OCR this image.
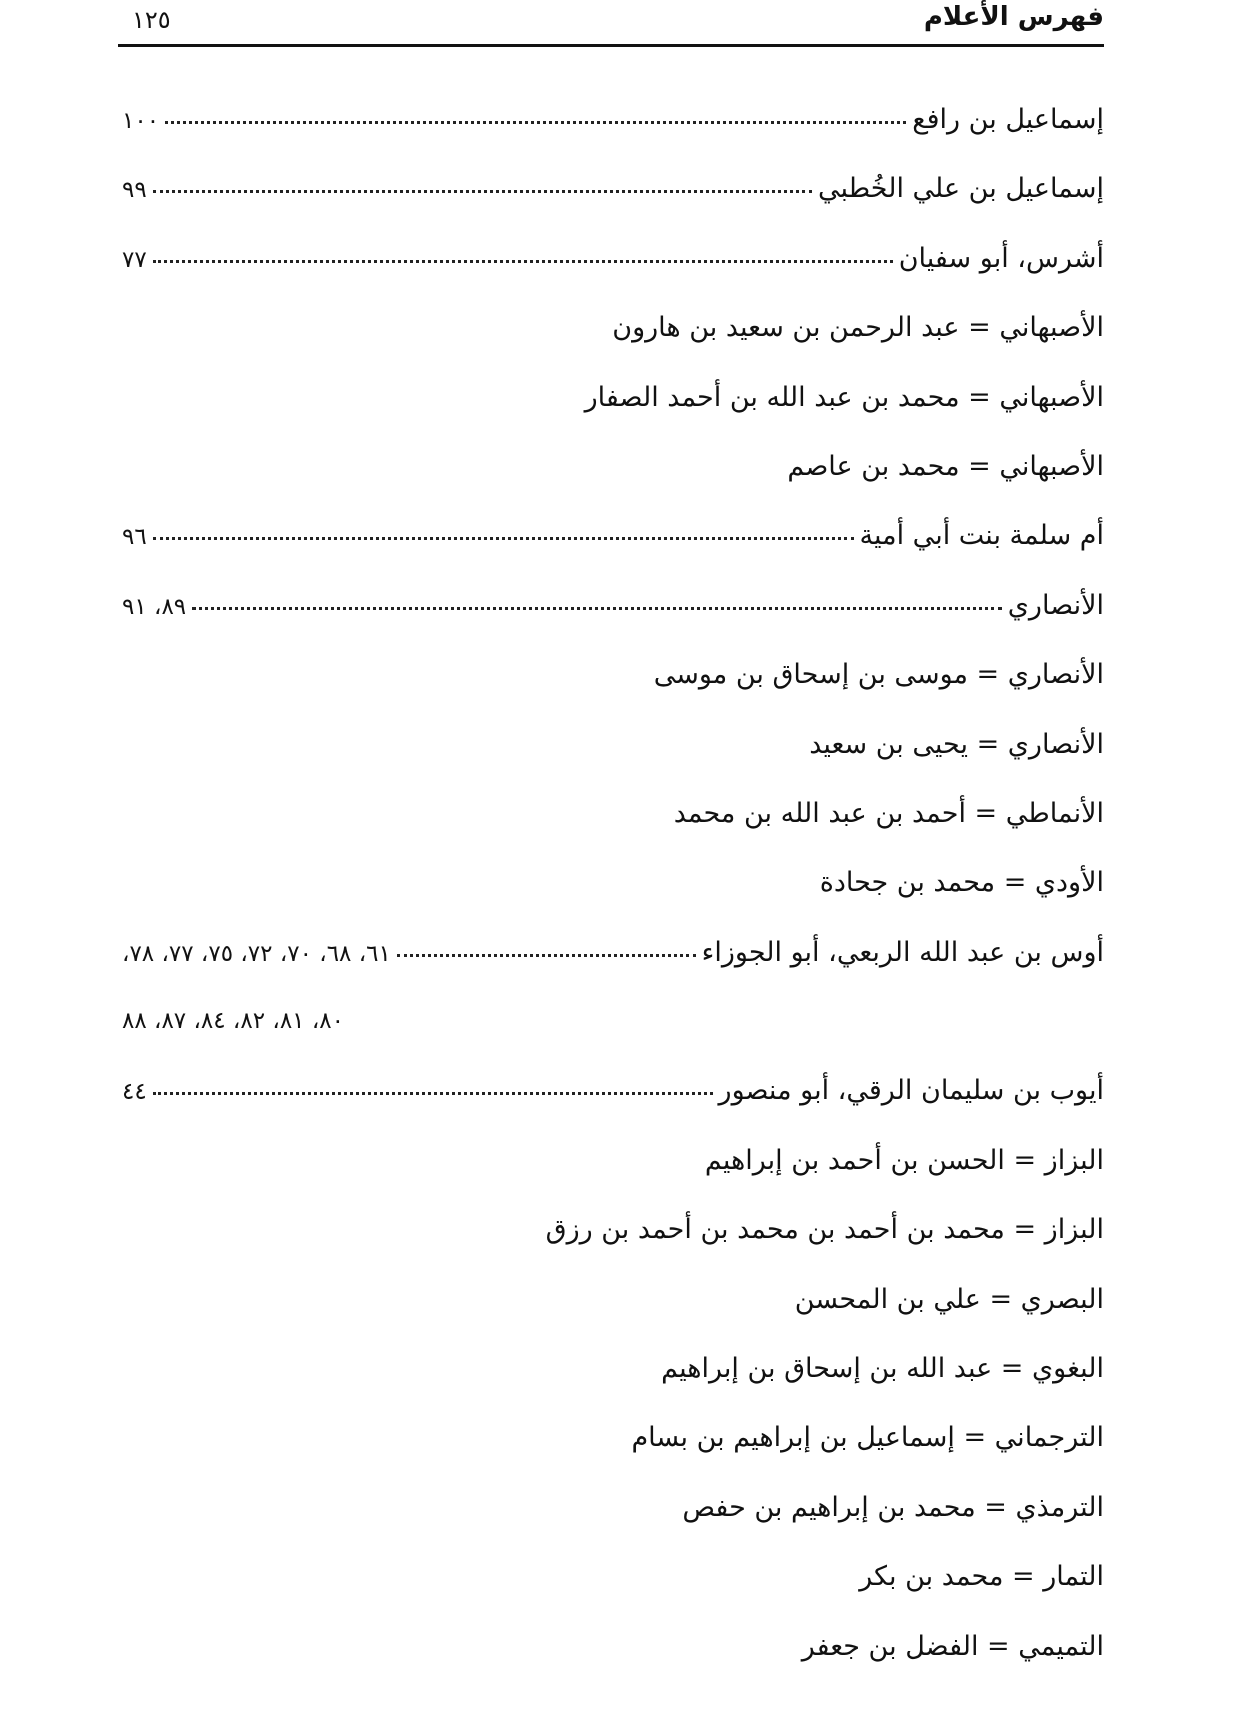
فهرس الأعلام
١٢٥
إسماعيل بن رافع
١٠٠
إسماعيل بن علي الخُطبي
٩٩
أشرس، أبو سفيان
٧٧
الأصبهاني = عبد الرحمن بن سعيد بن هارون
الأصبهاني = محمد بن عبد الله بن أحمد الصفار
الأصبهاني = محمد بن عاصم
أم سلمة بنت أبي أمية
٩٦
الأنصاري
٨٩، ٩١
الأنصاري = موسى بن إسحاق بن موسى
الأنصاري = يحيى بن سعيد
الأنماطي = أحمد بن عبد الله بن محمد
الأودي = محمد بن جحادة
أوس بن عبد الله الربعي، أبو الجوزاء
٦١، ٦٨، ٧٠، ٧٢، ٧٥، ٧٧، ٧٨،
٨٠، ٨١، ٨٢، ٨٤، ٨٧، ٨٨
أيوب بن سليمان الرقي، أبو منصور
٤٤
البزاز = الحسن بن أحمد بن إبراهيم
البزاز = محمد بن أحمد بن محمد بن أحمد بن رزق
البصري = علي بن المحسن
البغوي = عبد الله بن إسحاق بن إبراهيم
الترجماني = إسماعيل بن إبراهيم بن بسام
الترمذي = محمد بن إبراهيم بن حفص
التمار = محمد بن بكر
التميمي = الفضل بن جعفر
